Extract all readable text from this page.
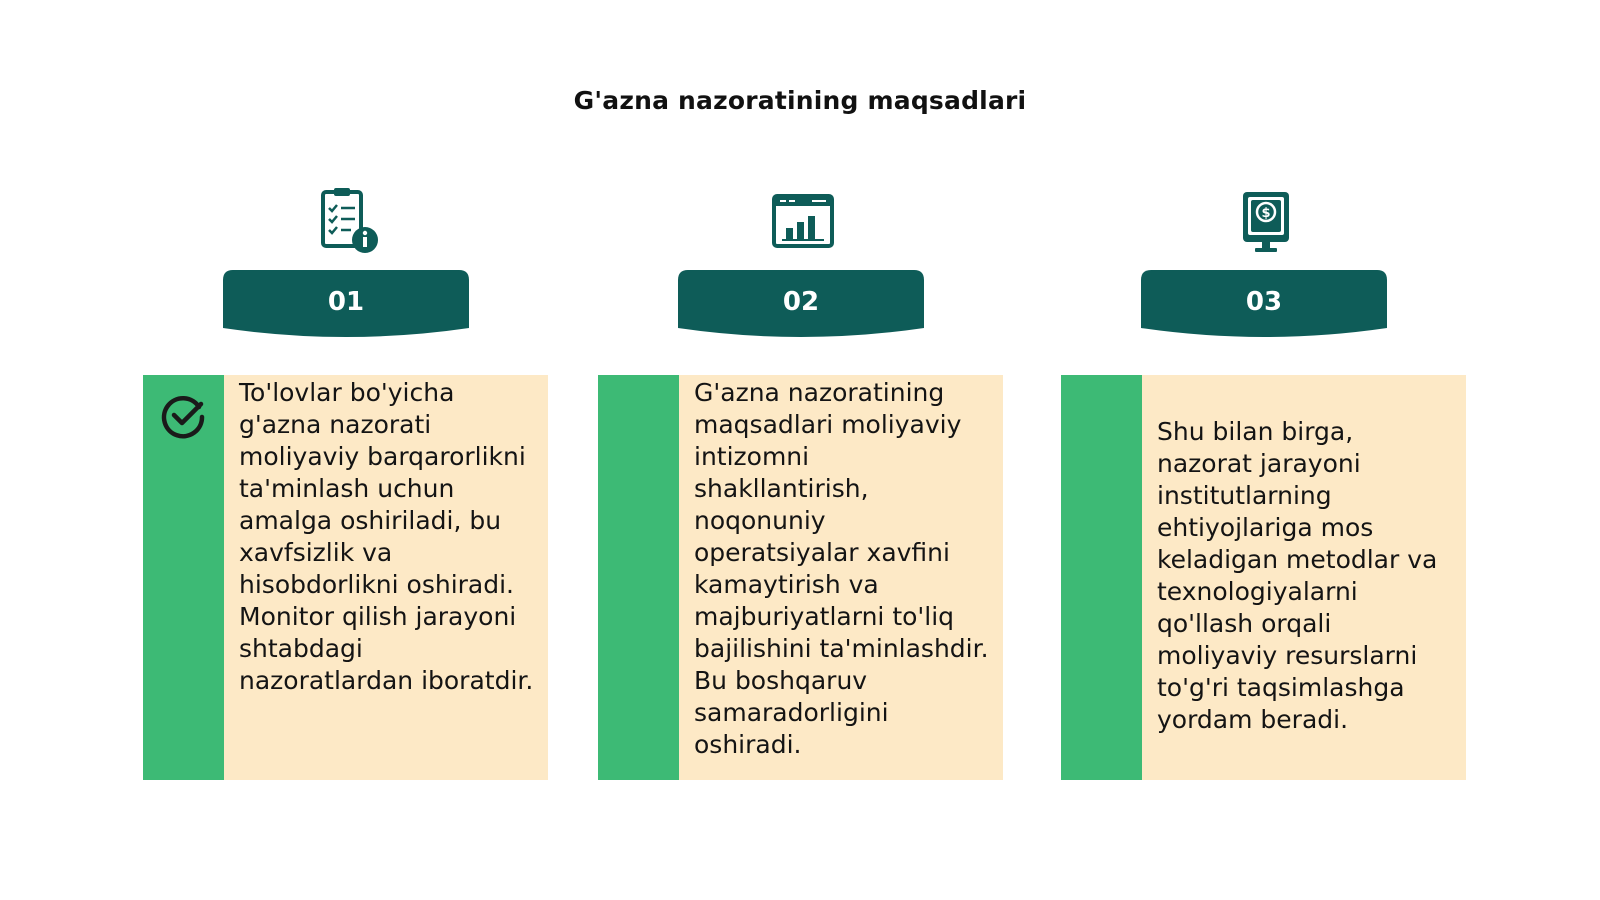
G'azna nazoratining maqsadlari
01
To'lovlar bo'yicha g'azna nazorati moliyaviy barqarorlikni ta'minlash uchun amalga oshiriladi, bu xavfsizlik va hisobdorlikni oshiradi. Monitor qilish jarayoni shtabdagi nazoratlardan iboratdir.
02
G'azna nazoratining maqsadlari moliyaviy intizomni shakllantirish, noqonuniy operatsiyalar xavfini kamaytirish va majburiyatlarni to'liq bajilishini ta'minlashdir. Bu boshqaruv samaradorligini oshiradi.
$
03
Shu bilan birga, nazorat jarayoni institutlarning ehtiyojlariga mos keladigan metodlar va texnologiyalarni qo'llash orqali moliyaviy resurslarni to'g'ri taqsimlashga yordam beradi.
